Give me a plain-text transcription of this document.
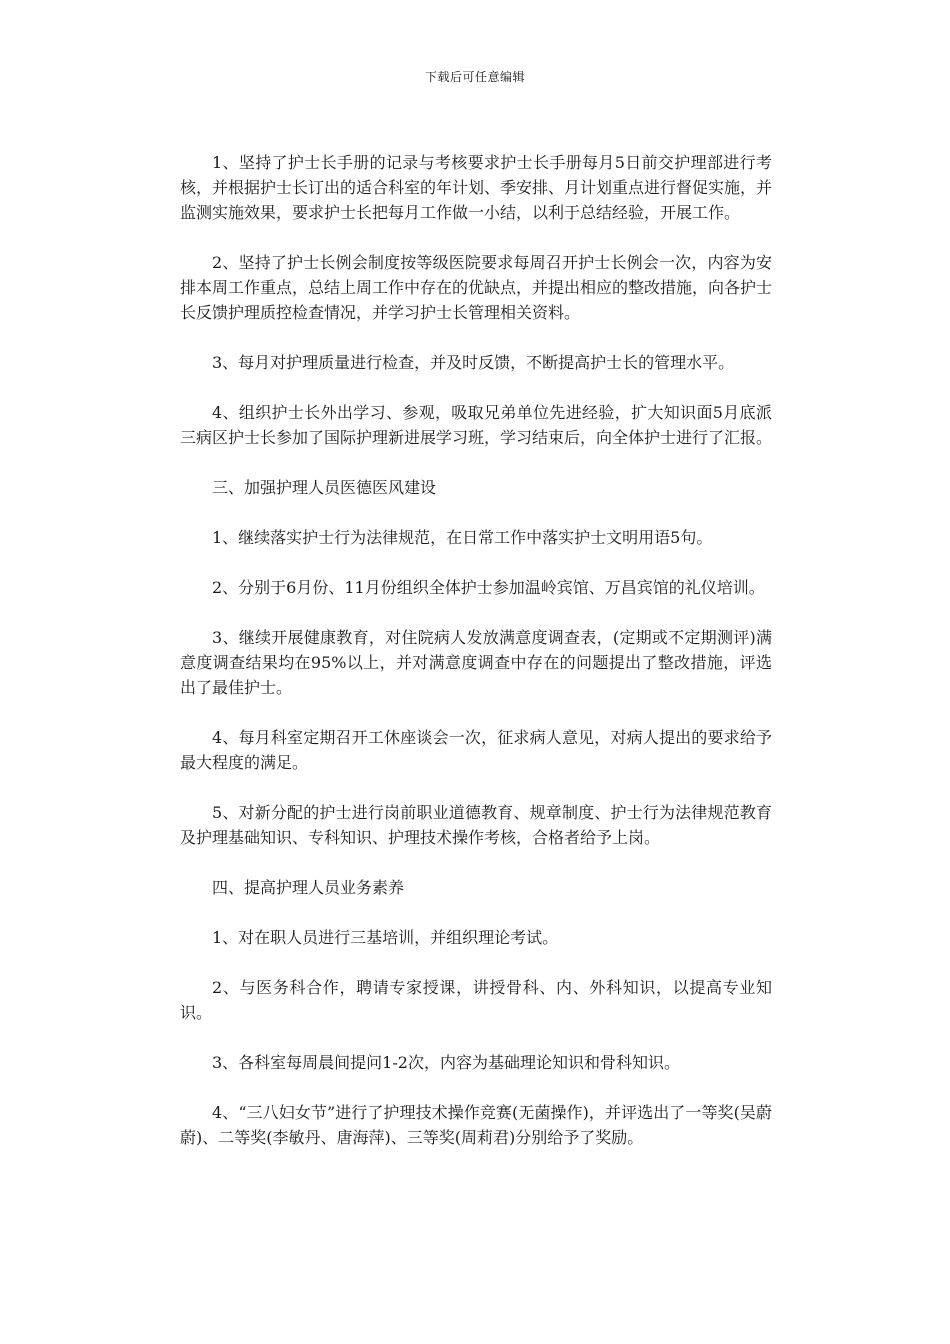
下载后可任意编辑

1、坚持了护士长手册的记录与考核要求护士长手册每月5日前交护理部进行考核，并根据护士长订出的适合科室的年计划、季安排、月计划重点进行督促实施，并监测实施效果，要求护士长把每月工作做一小结，以利于总结经验，开展工作。

2、坚持了护士长例会制度按等级医院要求每周召开护士长例会一次，内容为安排本周工作重点，总结上周工作中存在的优缺点，并提出相应的整改措施，向各护士长反馈护理质控检查情况，并学习护士长管理相关资料。

3、每月对护理质量进行检查，并及时反馈，不断提高护士长的管理水平。

4、组织护士长外出学习、参观，吸取兄弟单位先进经验，扩大知识面5月底派三病区护士长参加了国际护理新进展学习班，学习结束后，向全体护士进行了汇报。

三、加强护理人员医德医风建设

1、继续落实护士行为法律规范，在日常工作中落实护士文明用语5句。

2、分别于6月份、11月份组织全体护士参加温岭宾馆、万昌宾馆的礼仪培训。

3、继续开展健康教育，对住院病人发放满意度调查表，(定期或不定期测评)满意度调查结果均在95%以上，并对满意度调查中存在的问题提出了整改措施，评选出了最佳护士。

4、每月科室定期召开工休座谈会一次，征求病人意见，对病人提出的要求给予最大程度的满足。

5、对新分配的护士进行岗前职业道德教育、规章制度、护士行为法律规范教育及护理基础知识、专科知识、护理技术操作考核，合格者给予上岗。

四、提高护理人员业务素养

1、对在职人员进行三基培训，并组织理论考试。

2、与医务科合作，聘请专家授课，讲授骨科、内、外科知识，以提高专业知识。

3、各科室每周晨间提问1-2次，内容为基础理论知识和骨科知识。

4、“三八妇女节”进行了护理技术操作竞赛(无菌操作)，并评选出了一等奖(吴蔚蔚)、二等奖(李敏丹、唐海萍)、三等奖(周莉君)分别给予了奖励。
